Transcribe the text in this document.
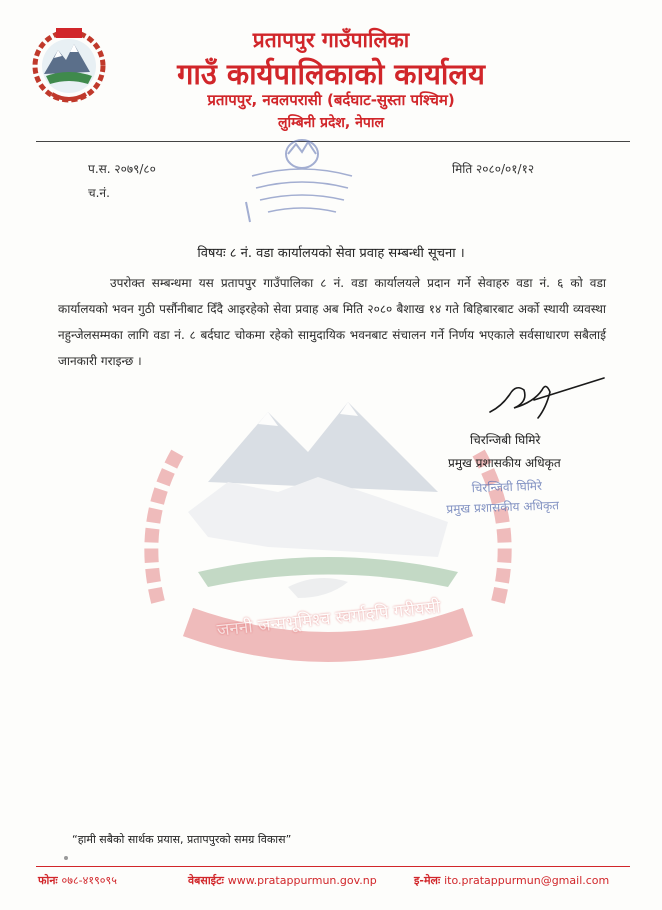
प्रतापपुर गाउँपालिका
गाउँ कार्यपालिकाको कार्यालय
प्रतापपुर, नवलपरासी (बर्दघाट-सुस्ता पश्चिम)
लुम्बिनी प्रदेश, नेपाल
प.स. २०७९/८०
च.नं.
मिति २०८०/०१/१२
जननी जन्मभूमिश्च स्वर्गादपि गरीयसी
विषयः ८ नं. वडा कार्यालयको सेवा प्रवाह सम्बन्धी सूचना ।
उपरोक्त सम्बन्धमा यस प्रतापपुर गाउँपालिका ८ नं. वडा कार्यालयले प्रदान गर्ने सेवाहरु वडा नं. ६ को वडा कार्यालयको भवन गुठी पर्सौनीबाट दिँदै आइरहेको सेवा प्रवाह अब मिति २०८० बैशाख १४ गते बिहिबारबाट अर्को स्थायी व्यवस्था नहुन्जेलसम्मका लागि वडा नं. ८ बर्दघाट चोकमा रहेको सामुदायिक भवनबाट संचालन गर्ने निर्णय भएकाले सर्वसाधारण सबैलाई जानकारी गराइन्छ ।
चिरन्जिबी घिमिरे
प्रमुख प्रशासकीय अधिकृत
चिरन्जिवी घिमिरे
प्रमुख प्रशासकीय अधिकृत
“हामी सबैको सार्थक प्रयास, प्रतापपुरको समग्र विकास”
फोनः ०७८-४१९०९५	वेबसाईटः www.pratappurmun.gov.np	इ-मेलः ito.pratappurmun@gmail.com
